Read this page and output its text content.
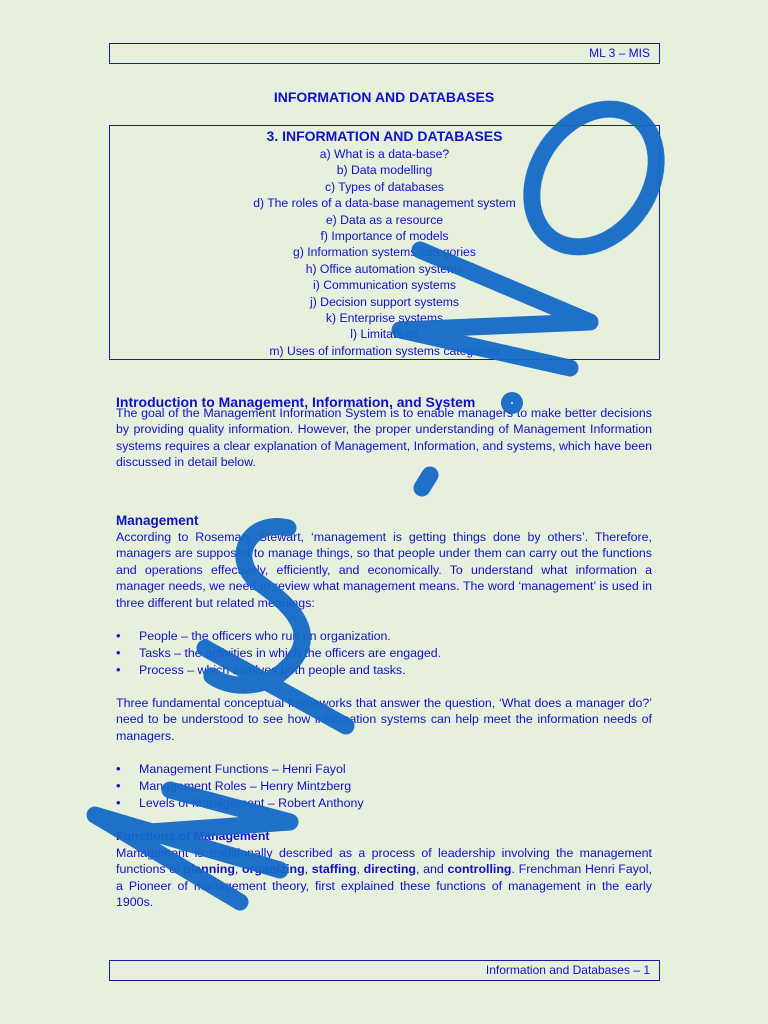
ML 3 – MIS
INFORMATION AND DATABASES
3. INFORMATION AND DATABASES
a) What is a data-base?
b) Data modelling
c) Types of databases
d) The roles of a data-base management system
e) Data as a resource
f) Importance of models
g) Information systems categories
h) Office automation systems
i) Communication systems
j) Decision support systems
k) Enterprise systems
l) Limitations
m) Uses of information systems categories
Introduction to Management, Information, and System

The goal of the Management Information System is to enable managers to make better decisions by providing quality information. However, the proper understanding of Management Information systems requires a clear explanation of Management, Information, and systems, which have been discussed in detail below.

Management

According to Rosemary Stewart, ‘management is getting things done by others’. Therefore, managers are supposed to manage things, so that people under them can carry out the functions and operations effectively, efficiently, and economically. To understand what information a manager needs, we need to review what management means. The word ‘management’ is used in three different but related meanings:

• People – the officers who run an organization.
• Tasks – the activities in which the officers are engaged.
• Process – which involves both people and tasks.

Three fundamental conceptual frameworks that answer the question, ‘What does a manager do?’ need to be understood to see how information systems can help meet the information needs of managers.

• Management Functions – Henri Fayol
• Management Roles – Henry Mintzberg
• Levels of Management – Robert Anthony
Functions of Management

Management is traditionally described as a process of leadership involving the management functions of planning, organizing, staffing, directing, and controlling. Frenchman Henri Fayol, a Pioneer of management theory, first explained these functions of management in the early 1900s.

Information and Databases – 1
